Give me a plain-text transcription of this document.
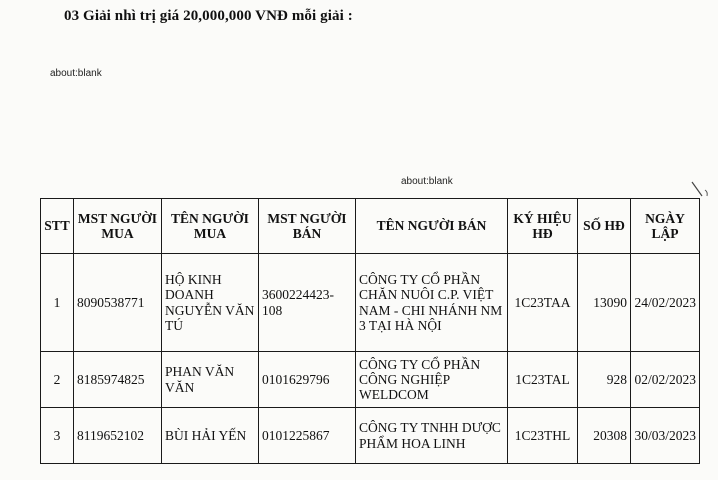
03 Giải nhì trị giá 20,000,000 VNĐ mỗi giải :
about:blank
about:blank
STT	MST NGƯỜI MUA	TÊN NGƯỜI MUA	MST NGƯỜI BÁN	TÊN NGƯỜI BÁN	KÝ HIỆU HĐ	SỐ HĐ	NGÀY LẬP
1	8090538771	HỘ KINH DOANH NGUYỄN VĂN TÚ	3600224423-108	CÔNG TY CỔ PHẦN CHĂN NUÔI C.P. VIỆT NAM - CHI NHÁNH NM 3 TẠI HÀ NỘI	1C23TAA	13090	24/02/2023
2	8185974825	PHAN VĂN VĂN	0101629796	CÔNG TY CỔ PHẦN CÔNG NGHIỆP WELDCOM	1C23TAL	928	02/02/2023
3	8119652102	BÙI HẢI YẾN	0101225867	CÔNG TY TNHH DƯỢC PHẨM HOA LINH	1C23THL	20308	30/03/2023
